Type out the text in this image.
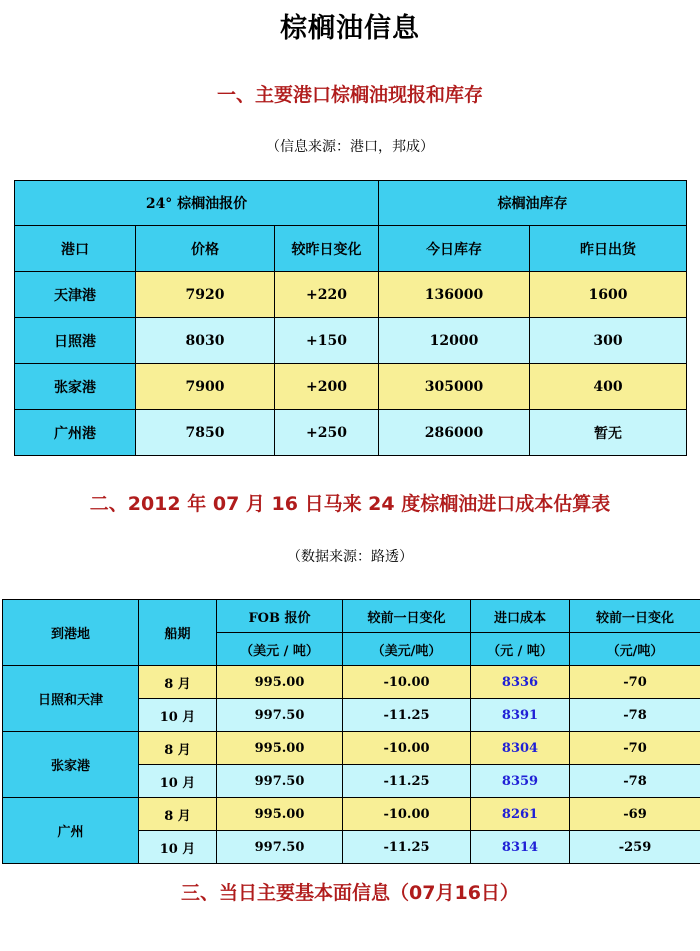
棕榈油信息
一、主要港口棕榈油现报和库存
（信息来源：港口，邦成）
24° 棕榈油报价			棕榈油库存	
港口	价格	较昨日变化	今日库存	昨日出货
天津港	7920	+220	136000	1600
日照港	8030	+150	12000	300
张家港	7900	+200	305000	400
广州港	7850	+250	286000	暂无
二、2012 年 07 月 16 日马来 24 度棕榈油进口成本估算表
（数据来源：路透）
到港地	船期	FOB 报价	较前一日变化	进口成本	较前一日变化
		（美元 / 吨）	（美元/吨）	（元 / 吨）	（元/吨）
日照和天津	8 月	995.00	-10.00	8336	-70
	10 月	997.50	-11.25	8391	-78
张家港	8 月	995.00	-10.00	8304	-70
	10 月	997.50	-11.25	8359	-78
广州	8 月	995.00	-10.00	8261	-69
	10 月	997.50	-11.25	8314	-259
三、当日主要基本面信息（07月16日）
